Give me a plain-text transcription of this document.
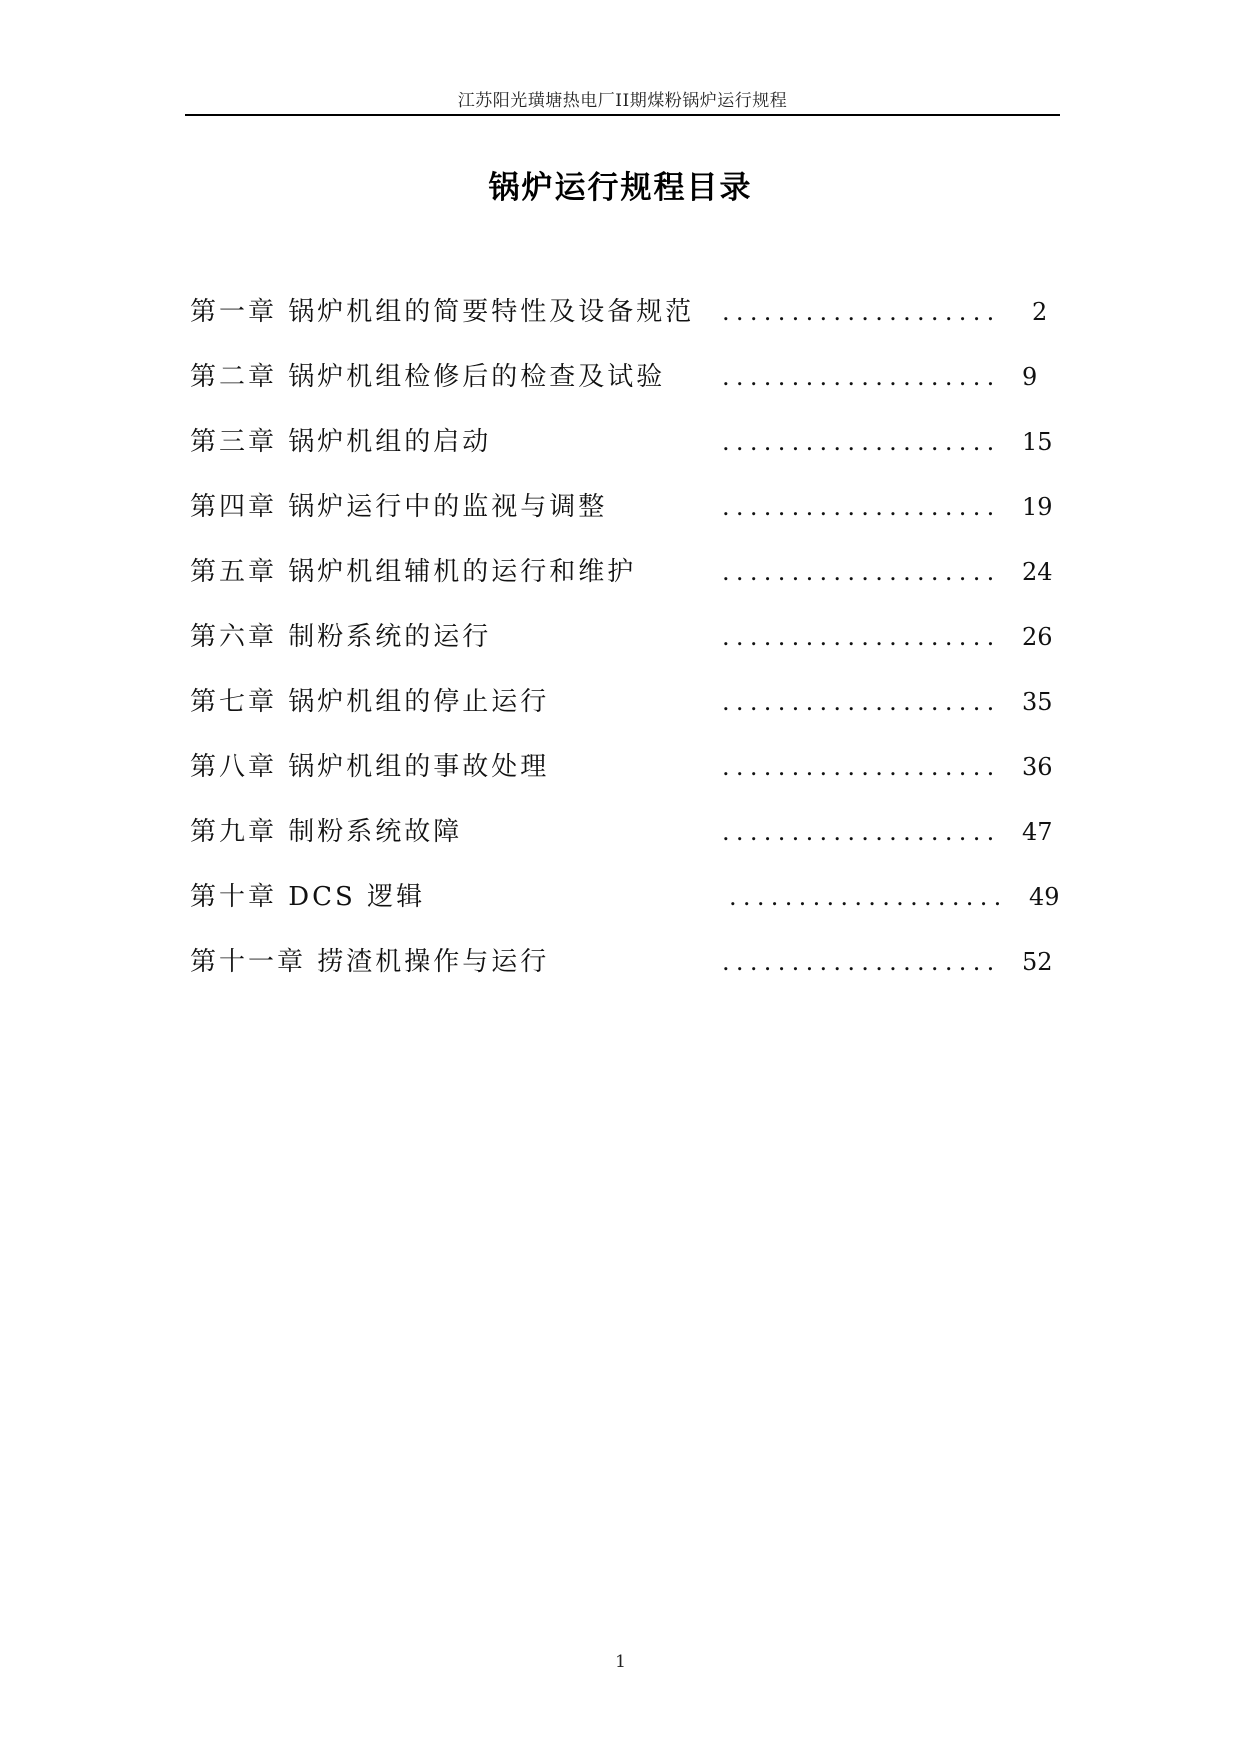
江苏阳光璜塘热电厂II期煤粉锅炉运行规程
锅炉运行规程目录
第一章 锅炉机组的简要特性及设备规范 .................... 2
第二章 锅炉机组检修后的检查及试验 .................... 9
第三章 锅炉机组的启动	.................... 15
第四章 锅炉运行中的监视与调整	.................... 19
第五章 锅炉机组辅机的运行和维护	.................... 24
第六章 制粉系统的运行	.................... 26
第七章 锅炉机组的停止运行	.................... 35
第八章 锅炉机组的事故处理	.................... 36
第九章 制粉系统故障	.................... 47
第十章 DCS 逻辑	.................... 49
第十一章 捞渣机操作与运行	.................... 52
1
